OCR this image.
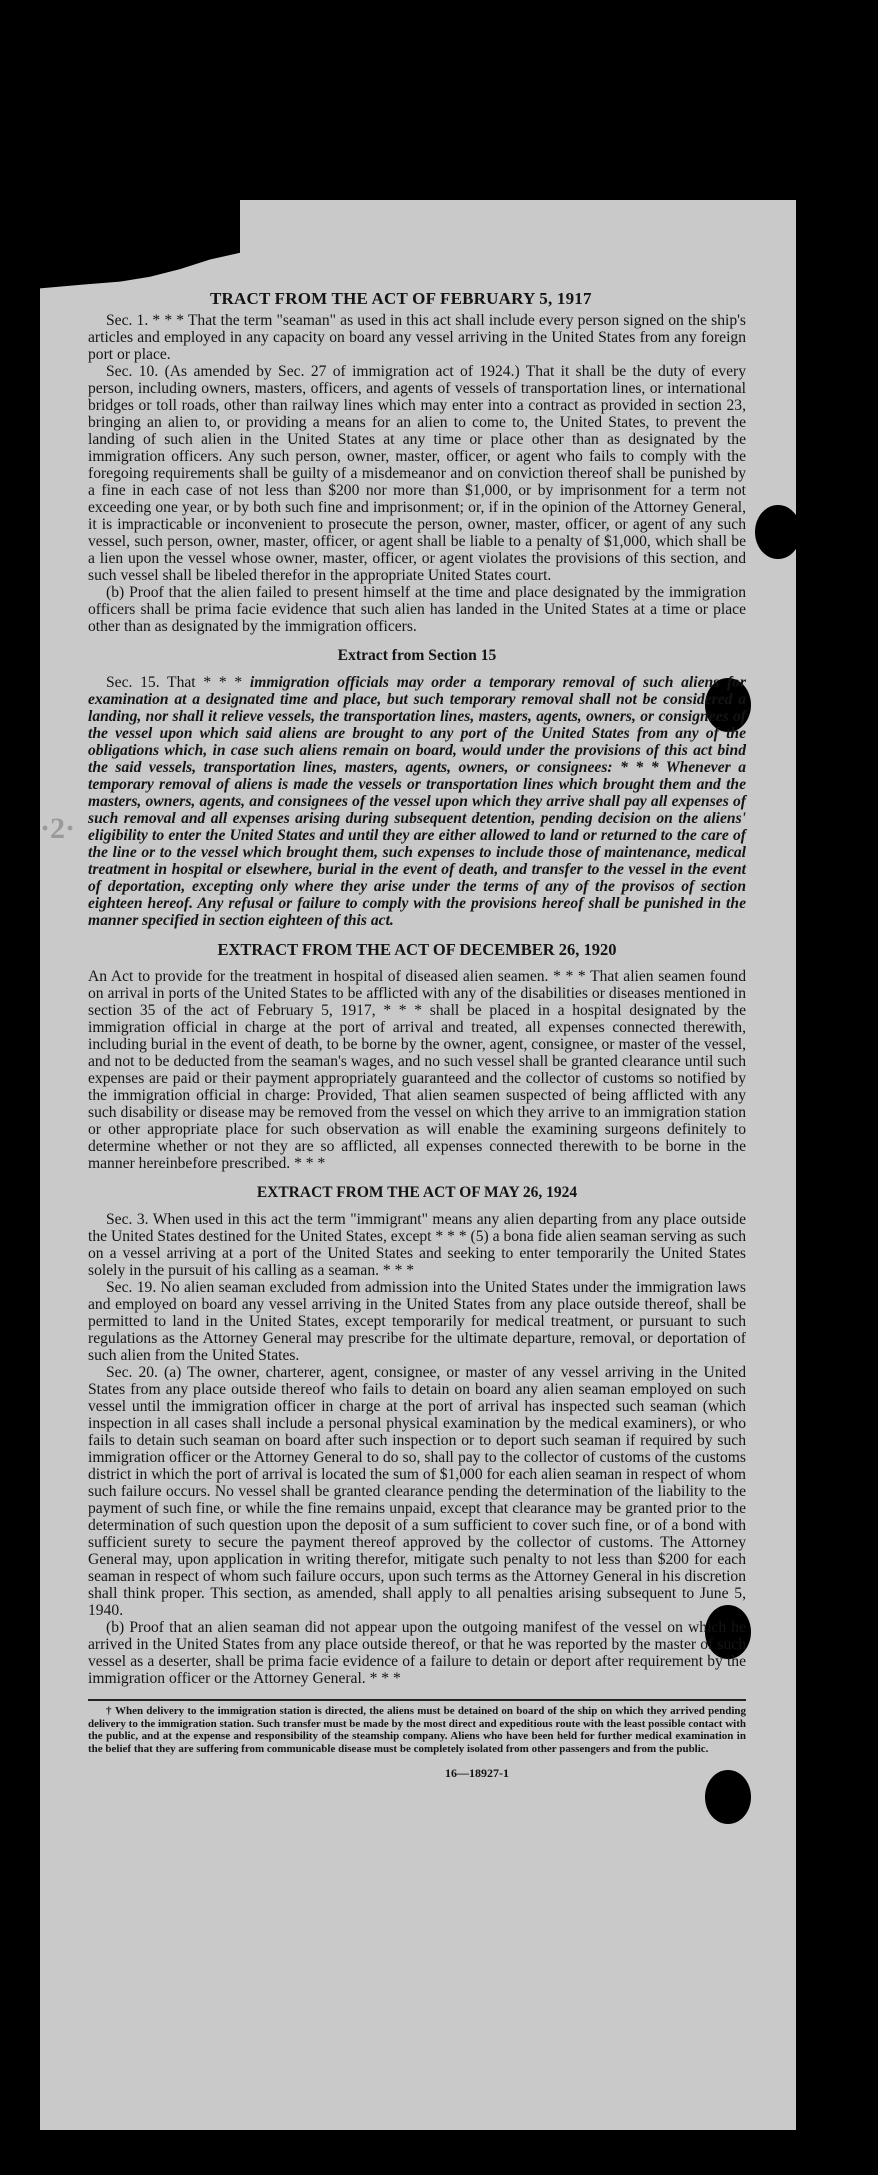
·2·
TRACT FROM THE ACT OF FEBRUARY 5, 1917

Sec. 1. * * * That the term "seaman" as used in this act shall include every person signed on the ship's articles and employed in any capacity on board any vessel arriving in the United States from any foreign port or place.

Sec. 10. (As amended by Sec. 27 of immigration act of 1924.) That it shall be the duty of every person, including owners, masters, officers, and agents of vessels of transportation lines, or international bridges or toll roads, other than railway lines which may enter into a contract as provided in section 23, bringing an alien to, or providing a means for an alien to come to, the United States, to prevent the landing of such alien in the United States at any time or place other than as designated by the immigration officers. Any such person, owner, master, officer, or agent who fails to comply with the foregoing requirements shall be guilty of a misdemeanor and on conviction thereof shall be punished by a fine in each case of not less than $200 nor more than $1,000, or by imprisonment for a term not exceeding one year, or by both such fine and imprisonment; or, if in the opinion of the Attorney General, it is impracticable or inconvenient to prosecute the person, owner, master, officer, or agent of any such vessel, such person, owner, master, officer, or agent shall be liable to a penalty of $1,000, which shall be a lien upon the vessel whose owner, master, officer, or agent violates the provisions of this section, and such vessel shall be libeled therefor in the appropriate United States court.

(b) Proof that the alien failed to present himself at the time and place designated by the immigration officers shall be prima facie evidence that such alien has landed in the United States at a time or place other than as designated by the immigration officers.

Extract from Section 15

Sec. 15. That * * * immigration officials may order a temporary removal of such aliens for examination at a designated time and place, but such temporary removal shall not be considered a landing, nor shall it relieve vessels, the transportation lines, masters, agents, owners, or consignees of the vessel upon which said aliens are brought to any port of the United States from any of the obligations which, in case such aliens remain on board, would under the provisions of this act bind the said vessels, transportation lines, masters, agents, owners, or consignees: * * * Whenever a temporary removal of aliens is made the vessels or transportation lines which brought them and the masters, owners, agents, and consignees of the vessel upon which they arrive shall pay all expenses of such removal and all expenses arising during subsequent detention, pending decision on the aliens' eligibility to enter the United States and until they are either allowed to land or returned to the care of the line or to the vessel which brought them, such expenses to include those of maintenance, medical treatment in hospital or elsewhere, burial in the event of death, and transfer to the vessel in the event of deportation, excepting only where they arise under the terms of any of the provisos of section eighteen hereof. Any refusal or failure to comply with the provisions hereof shall be punished in the manner specified in section eighteen of this act.

EXTRACT FROM THE ACT OF DECEMBER 26, 1920

An Act to provide for the treatment in hospital of diseased alien seamen. * * * That alien seamen found on arrival in ports of the United States to be afflicted with any of the disabilities or diseases mentioned in section 35 of the act of February 5, 1917, * * * shall be placed in a hospital designated by the immigration official in charge at the port of arrival and treated, all expenses connected therewith, including burial in the event of death, to be borne by the owner, agent, consignee, or master of the vessel, and not to be deducted from the seaman's wages, and no such vessel shall be granted clearance until such expenses are paid or their payment appropriately guaranteed and the collector of customs so notified by the immigration official in charge: Provided, That alien seamen suspected of being afflicted with any such disability or disease may be removed from the vessel on which they arrive to an immigration station or other appropriate place for such observation as will enable the examining surgeons definitely to determine whether or not they are so afflicted, all expenses connected therewith to be borne in the manner hereinbefore prescribed. * * *

EXTRACT FROM THE ACT OF MAY 26, 1924

Sec. 3. When used in this act the term "immigrant" means any alien departing from any place outside the United States destined for the United States, except * * * (5) a bona fide alien seaman serving as such on a vessel arriving at a port of the United States and seeking to enter temporarily the United States solely in the pursuit of his calling as a seaman. * * *

Sec. 19. No alien seaman excluded from admission into the United States under the immigration laws and employed on board any vessel arriving in the United States from any place outside thereof, shall be permitted to land in the United States, except temporarily for medical treatment, or pursuant to such regulations as the Attorney General may prescribe for the ultimate departure, removal, or deportation of such alien from the United States.

Sec. 20. (a) The owner, charterer, agent, consignee, or master of any vessel arriving in the United States from any place outside thereof who fails to detain on board any alien seaman employed on such vessel until the immigration officer in charge at the port of arrival has inspected such seaman (which inspection in all cases shall include a personal physical examination by the medical examiners), or who fails to detain such seaman on board after such inspection or to deport such seaman if required by such immigration officer or the Attorney General to do so, shall pay to the collector of customs of the customs district in which the port of arrival is located the sum of $1,000 for each alien seaman in respect of whom such failure occurs. No vessel shall be granted clearance pending the determination of the liability to the payment of such fine, or while the fine remains unpaid, except that clearance may be granted prior to the determination of such question upon the deposit of a sum sufficient to cover such fine, or of a bond with sufficient surety to secure the payment thereof approved by the collector of customs. The Attorney General may, upon application in writing therefor, mitigate such penalty to not less than $200 for each seaman in respect of whom such failure occurs, upon such terms as the Attorney General in his discretion shall think proper. This section, as amended, shall apply to all penalties arising subsequent to June 5, 1940.

(b) Proof that an alien seaman did not appear upon the outgoing manifest of the vessel on which he arrived in the United States from any place outside thereof, or that he was reported by the master of such vessel as a deserter, shall be prima facie evidence of a failure to detain or deport after requirement by the immigration officer or the Attorney General. * * *

† When delivery to the immigration station is directed, the aliens must be detained on board of the ship on which they arrived pending delivery to the immigration station. Such transfer must be made by the most direct and expeditious route with the least possible contact with the public, and at the expense and responsibility of the steamship company. Aliens who have been held for further medical examination in the belief that they are suffering from communicable disease must be completely isolated from other passengers and from the public.

16—18927-1
